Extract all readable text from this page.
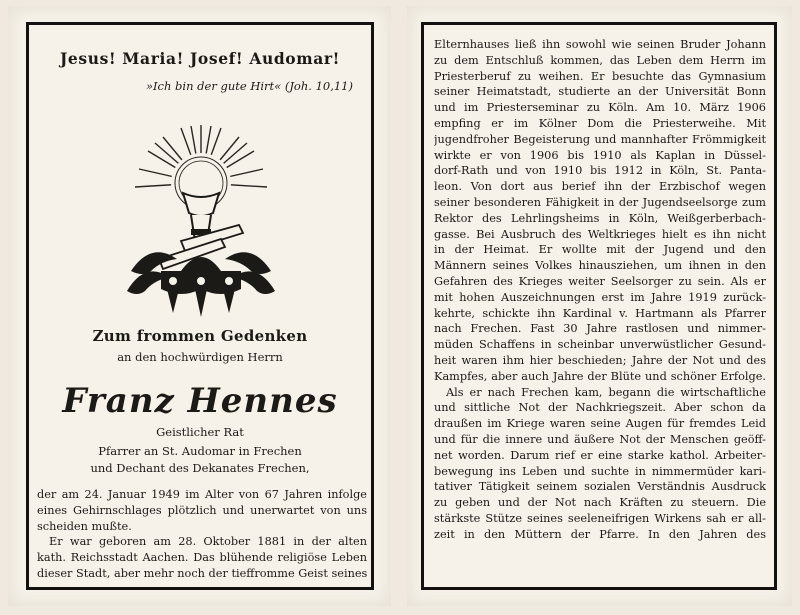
Jesus! Maria! Josef! Audomar!
»Ich bin der gute Hirt« (Joh. 10,11)
Zum frommen Gedenken
an den hochwürdigen Herrn
Franz Hennes
Geistlicher Rat
Pfarrer an St. Audomar in Frechen
und Dechant des Dekanates Frechen,
der am 24. Januar 1949 im Alter von 67 Jahren infolge
eines Gehirnschlages plötzlich und unerwartet von uns
scheiden mußte.
Er war geboren am 28. Oktober 1881 in der alten
kath. Reichsstadt Aachen. Das blühende religiöse Leben
dieser Stadt, aber mehr noch der tieffromme Geist seines
Elternhauses ließ ihn sowohl wie seinen Bruder Johann
zu dem Entschluß kommen, das Leben dem Herrn im
Priesterberuf zu weihen. Er besuchte das Gymnasium
seiner Heimatstadt, studierte an der Universität Bonn
und im Priesterseminar zu Köln. Am 10. März 1906
empfing er im Kölner Dom die Priesterweihe. Mit
jugendfroher Begeisterung und mannhafter Frömmigkeit
wirkte er von 1906 bis 1910 als Kaplan in Düssel-
dorf-Rath und von 1910 bis 1912 in Köln, St. Panta-
leon. Von dort aus berief ihn der Erzbischof wegen
seiner besonderen Fähigkeit in der Jugendseelsorge zum
Rektor des Lehrlingsheims in Köln, Weißgerberbach-
gasse. Bei Ausbruch des Weltkrieges hielt es ihn nicht
in der Heimat. Er wollte mit der Jugend und den
Männern seines Volkes hinausziehen, um ihnen in den
Gefahren des Krieges weiter Seelsorger zu sein. Als er
mit hohen Auszeichnungen erst im Jahre 1919 zurück-
kehrte, schickte ihn Kardinal v. Hartmann als Pfarrer
nach Frechen. Fast 30 Jahre rastlosen und nimmer-
müden Schaffens in scheinbar unverwüstlicher Gesund-
heit waren ihm hier beschieden; Jahre der Not und des
Kampfes, aber auch Jahre der Blüte und schöner Erfolge.
Als er nach Frechen kam, begann die wirtschaftliche
und sittliche Not der Nachkriegszeit. Aber schon da
draußen im Kriege waren seine Augen für fremdes Leid
und für die innere und äußere Not der Menschen geöff-
net worden. Darum rief er eine starke kathol. Arbeiter-
bewegung ins Leben und suchte in nimmermüder kari-
tativer Tätigkeit seinem sozialen Verständnis Ausdruck
zu geben und der Not nach Kräften zu steuern. Die
stärkste Stütze seines seeleneifrigen Wirkens sah er all-
zeit in den Müttern der Pfarre. In den Jahren des
